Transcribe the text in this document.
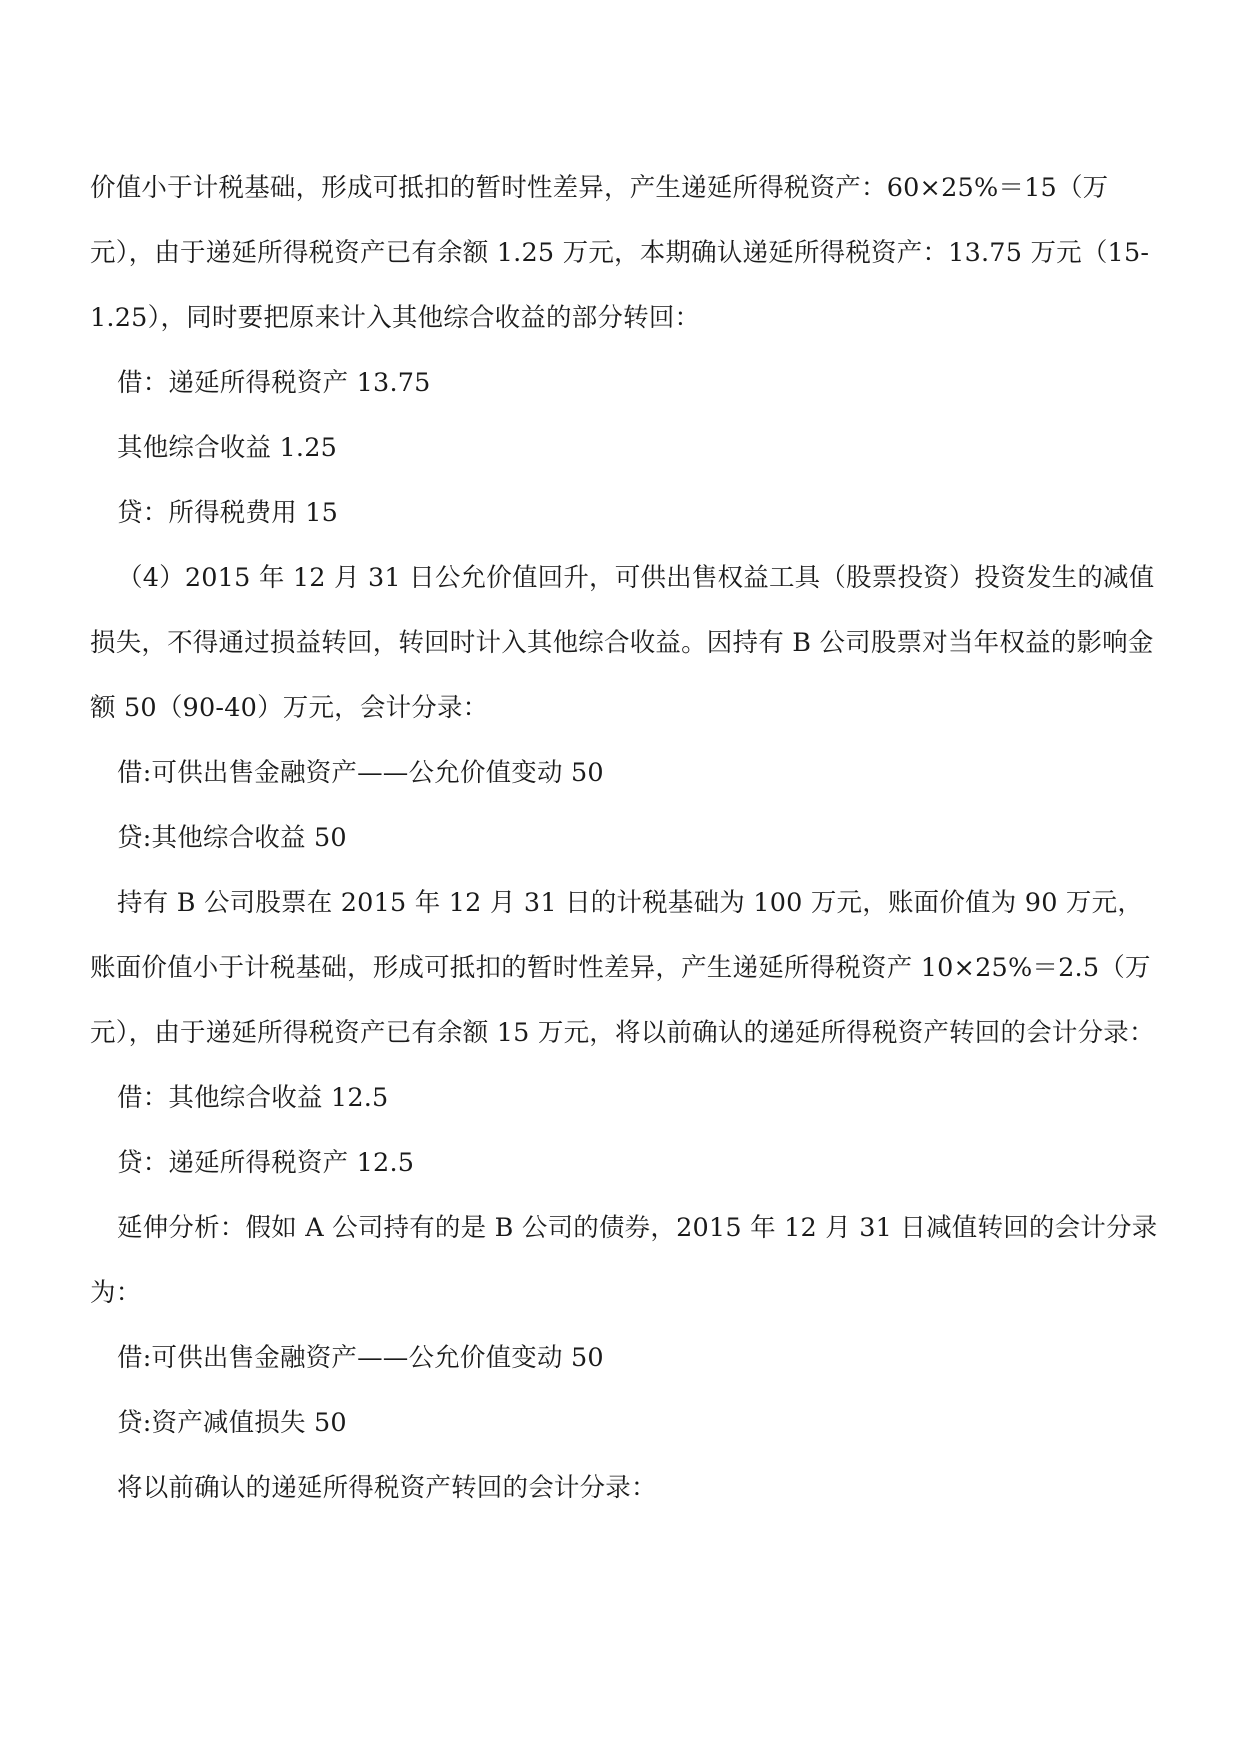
价值小于计税基础，形成可抵扣的暂时性差异，产生递延所得税资产：60×25%＝15（万元），由于递延所得税资产已有余额 1.25 万元，本期确认递延所得税资产：13.75 万元（15-1.25），同时要把原来计入其他综合收益的部分转回：

借：递延所得税资产 13.75

其他综合收益 1.25

贷：所得税费用 15

（4）2015 年 12 月 31 日公允价值回升，可供出售权益工具（股票投资）投资发生的减值损失，不得通过损益转回，转回时计入其他综合收益。因持有 B 公司股票对当年权益的影响金额 50（90-40）万元，会计分录：

借:可供出售金融资产——公允价值变动 50

贷:其他综合收益 50

持有 B 公司股票在 2015 年 12 月 31 日的计税基础为 100 万元，账面价值为 90 万元，账面价值小于计税基础，形成可抵扣的暂时性差异，产生递延所得税资产 10×25%＝2.5（万元），由于递延所得税资产已有余额 15 万元，将以前确认的递延所得税资产转回的会计分录：

借：其他综合收益 12.5

贷：递延所得税资产 12.5

延伸分析：假如 A 公司持有的是 B 公司的债券，2015 年 12 月 31 日减值转回的会计分录为：

借:可供出售金融资产——公允价值变动 50

贷:资产减值损失 50

将以前确认的递延所得税资产转回的会计分录：
